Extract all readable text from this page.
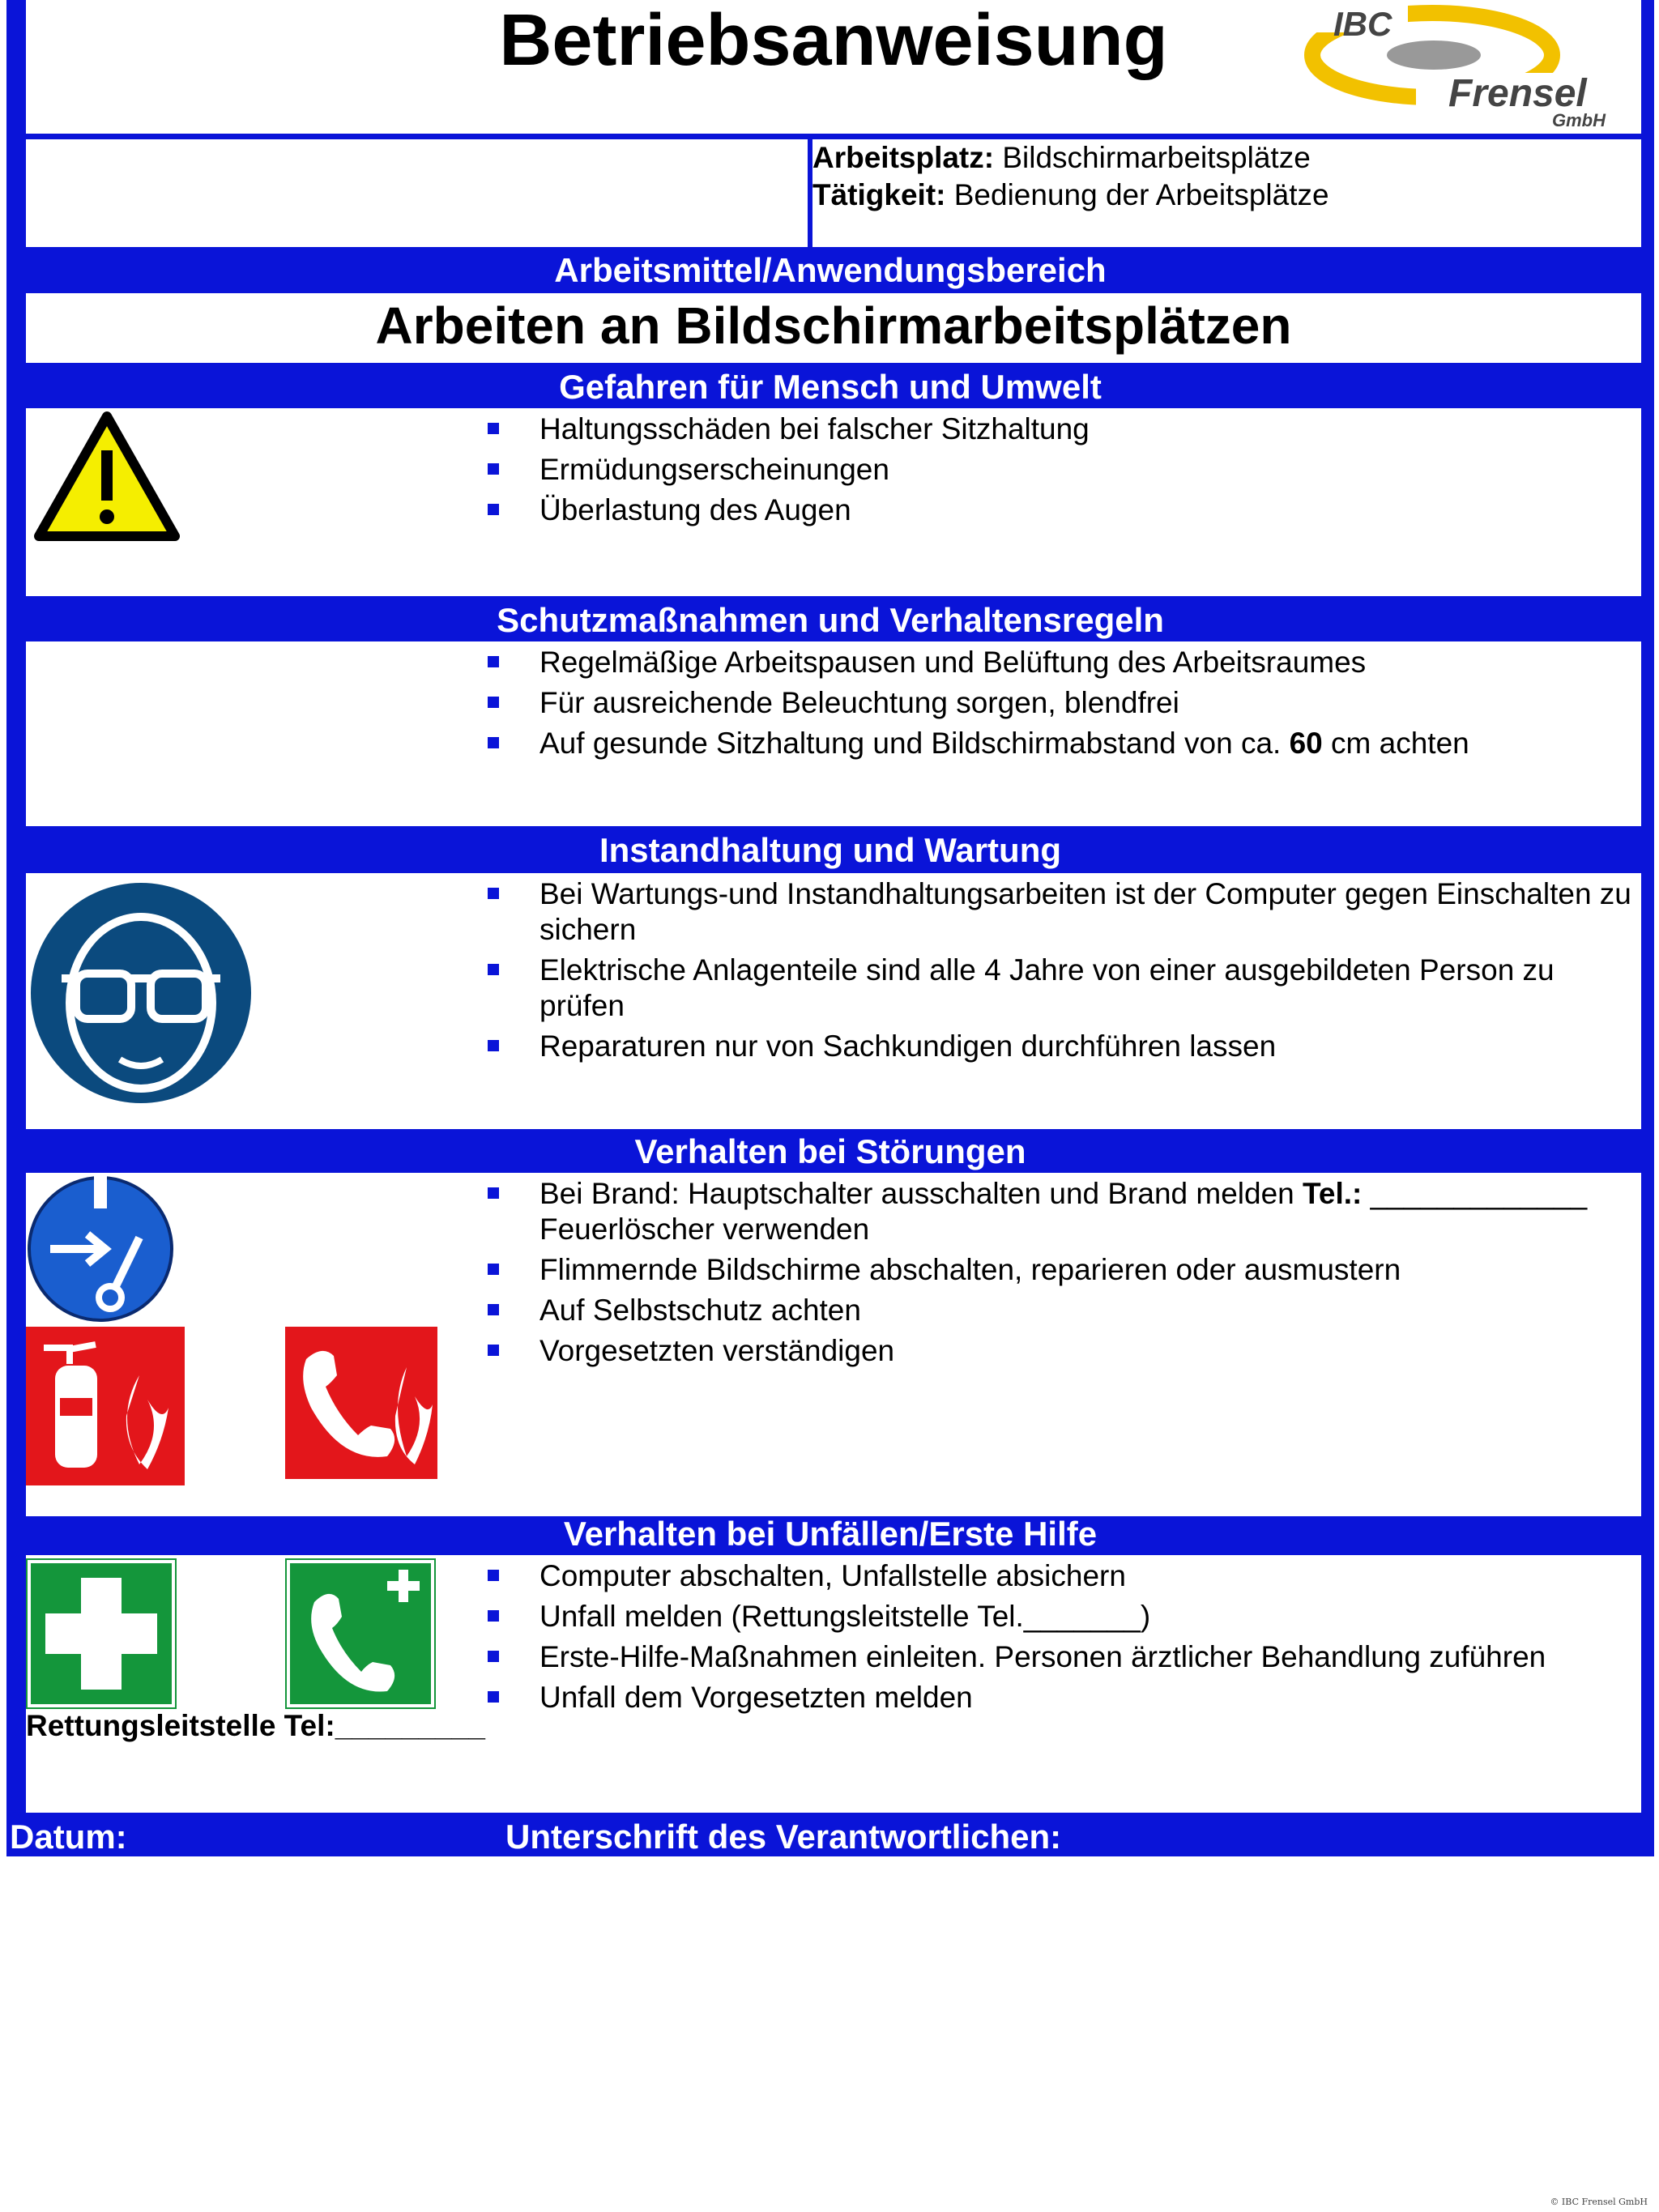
Betriebsanweisung	IBC
Frensel
GmbH
Arbeitsplatz: Bildschirmarbeitsplätze
Tätigkeit: Bedienung der Arbeitsplätze
Arbeitsmittel/Anwendungsbereich
Arbeiten an Bildschirmarbeitsplätzen
Gefahren für Mensch und Umwelt
Haltungsschäden bei falscher Sitzhaltung
Ermüdungserscheinungen
Überlastung des Augen
Schutzmaßnahmen und Verhaltensregeln
Regelmäßige Arbeitspausen und Belüftung des Arbeitsraumes
Für ausreichende Beleuchtung sorgen, blendfrei
Auf gesunde Sitzhaltung und Bildschirmabstand von ca. 60 cm achten
Instandhaltung und Wartung
Bei Wartungs-und Instandhaltungsarbeiten ist der Computer gegen Einschalten zu sichern
Elektrische Anlagenteile sind alle 4 Jahre von einer ausgebildeten Person zu prüfen
Reparaturen nur von Sachkundigen durchführen lassen
Verhalten bei Störungen
Bei Brand: Hauptschalter ausschalten und Brand melden Tel.: _____________
Feuerlöscher verwenden
Flimmernde Bildschirme abschalten, reparieren oder ausmustern
Auf Selbstschutz achten
Vorgesetzten verständigen
Verhalten bei Unfällen/Erste Hilfe
Rettungsleitstelle Tel:_________
Computer abschalten, Unfallstelle absichern
Unfall melden (Rettungsleitstelle Tel._______)
Erste-Hilfe-Maßnahmen einleiten. Personen ärztlicher Behandlung zuführen
Unfall dem Vorgesetzten melden
Datum:	Unterschrift des Verantwortlichen:
© IBC Frensel GmbH
